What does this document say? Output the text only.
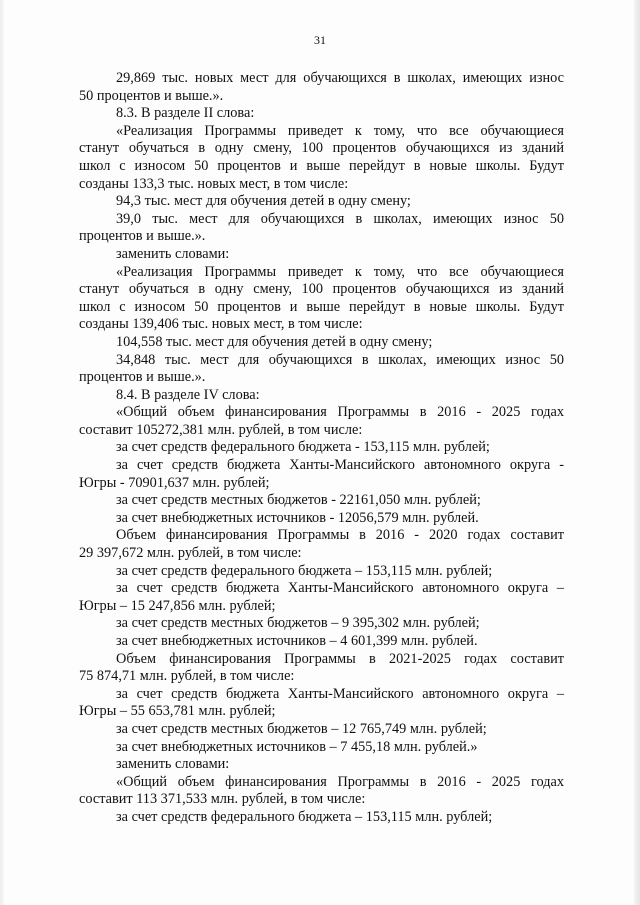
31
29,869 тыс. новых мест для обучающихся в школах, имеющих износ
50 процентов и выше.».
8.3. В разделе II слова:
«Реализация Программы приведет к тому, что все обучающиеся
станут обучаться в одну смену, 100 процентов обучающихся из зданий
школ с износом 50 процентов и выше перейдут в новые школы. Будут
созданы 133,3 тыс. новых мест, в том числе:
94,3 тыс. мест для обучения детей в одну смену;
39,0 тыс. мест для обучающихся в школах, имеющих износ 50
процентов и выше.».
заменить словами:
«Реализация Программы приведет к тому, что все обучающиеся
станут обучаться в одну смену, 100 процентов обучающихся из зданий
школ с износом 50 процентов и выше перейдут в новые школы. Будут
созданы 139,406 тыс. новых мест, в том числе:
104,558 тыс. мест для обучения детей в одну смену;
34,848 тыс. мест для обучающихся в школах, имеющих износ 50
процентов и выше.».
8.4. В разделе IV слова:
«Общий объем финансирования Программы в 2016 - 2025 годах
составит 105272,381 млн. рублей, в том числе:
за счет средств федерального бюджета - 153,115 млн. рублей;
за счет средств бюджета Ханты-Мансийского автономного округа -
Югры - 70901,637 млн. рублей;
за счет средств местных бюджетов - 22161,050 млн. рублей;
за счет внебюджетных источников - 12056,579 млн. рублей.
Объем финансирования Программы в 2016 - 2020 годах составит
29 397,672 млн. рублей, в том числе:
за счет средств федерального бюджета – 153,115 млн. рублей;
за счет средств бюджета Ханты-Мансийского автономного округа –
Югры – 15 247,856 млн. рублей;
за счет средств местных бюджетов – 9 395,302 млн. рублей;
за счет внебюджетных источников – 4 601,399 млн. рублей.
Объем финансирования Программы в 2021-2025 годах составит
75 874,71 млн. рублей, в том числе:
за счет средств бюджета Ханты-Мансийского автономного округа –
Югры – 55 653,781 млн. рублей;
за счет средств местных бюджетов – 12 765,749 млн. рублей;
за счет внебюджетных источников – 7 455,18 млн. рублей.»
заменить словами:
«Общий объем финансирования Программы в 2016 - 2025 годах
составит 113 371,533 млн. рублей, в том числе:
за счет средств федерального бюджета – 153,115 млн. рублей;
